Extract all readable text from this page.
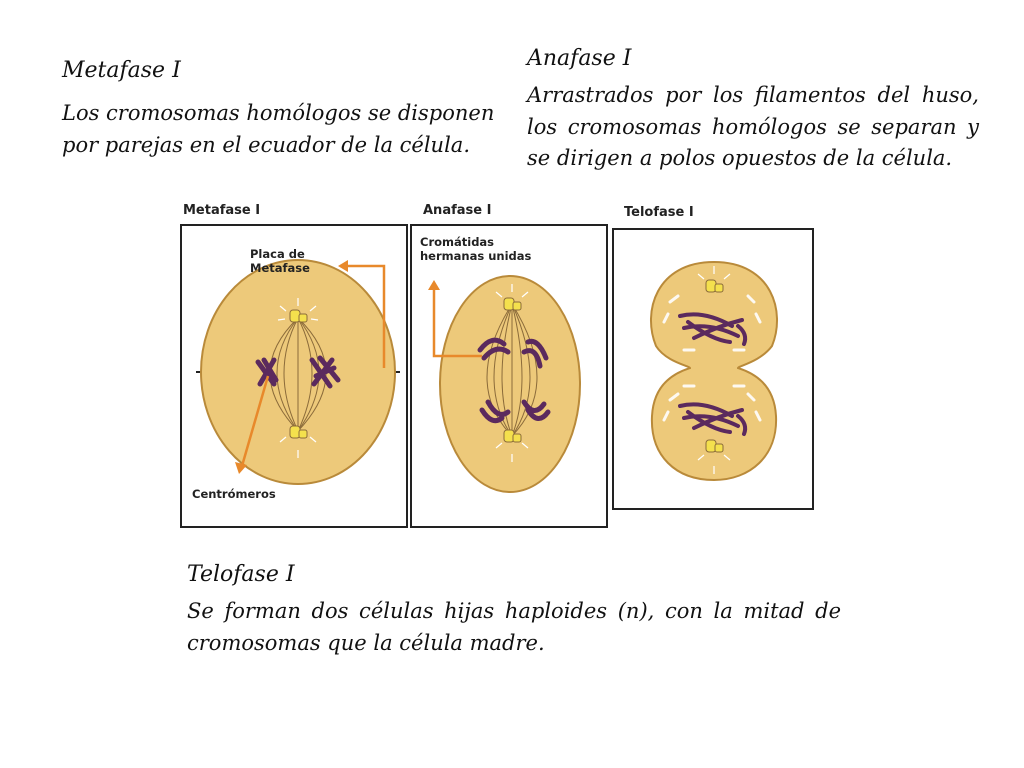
Metafase I
Los cromosomas homólogos se disponen por parejas en el ecuador de la célula.
Anafase I
Arrastrados por los filamentos del huso, los cromosomas homólogos se separan y se dirigen a polos opuestos de la célula.
Telofase I
Se forman dos células hijas haploides (n), con la mitad de cromosomas que la célula madre.
Metafase I	Anafase I	Telofase I
Placa de
Metafase
Centrómeros
Cromátidas
hermanas unidas
